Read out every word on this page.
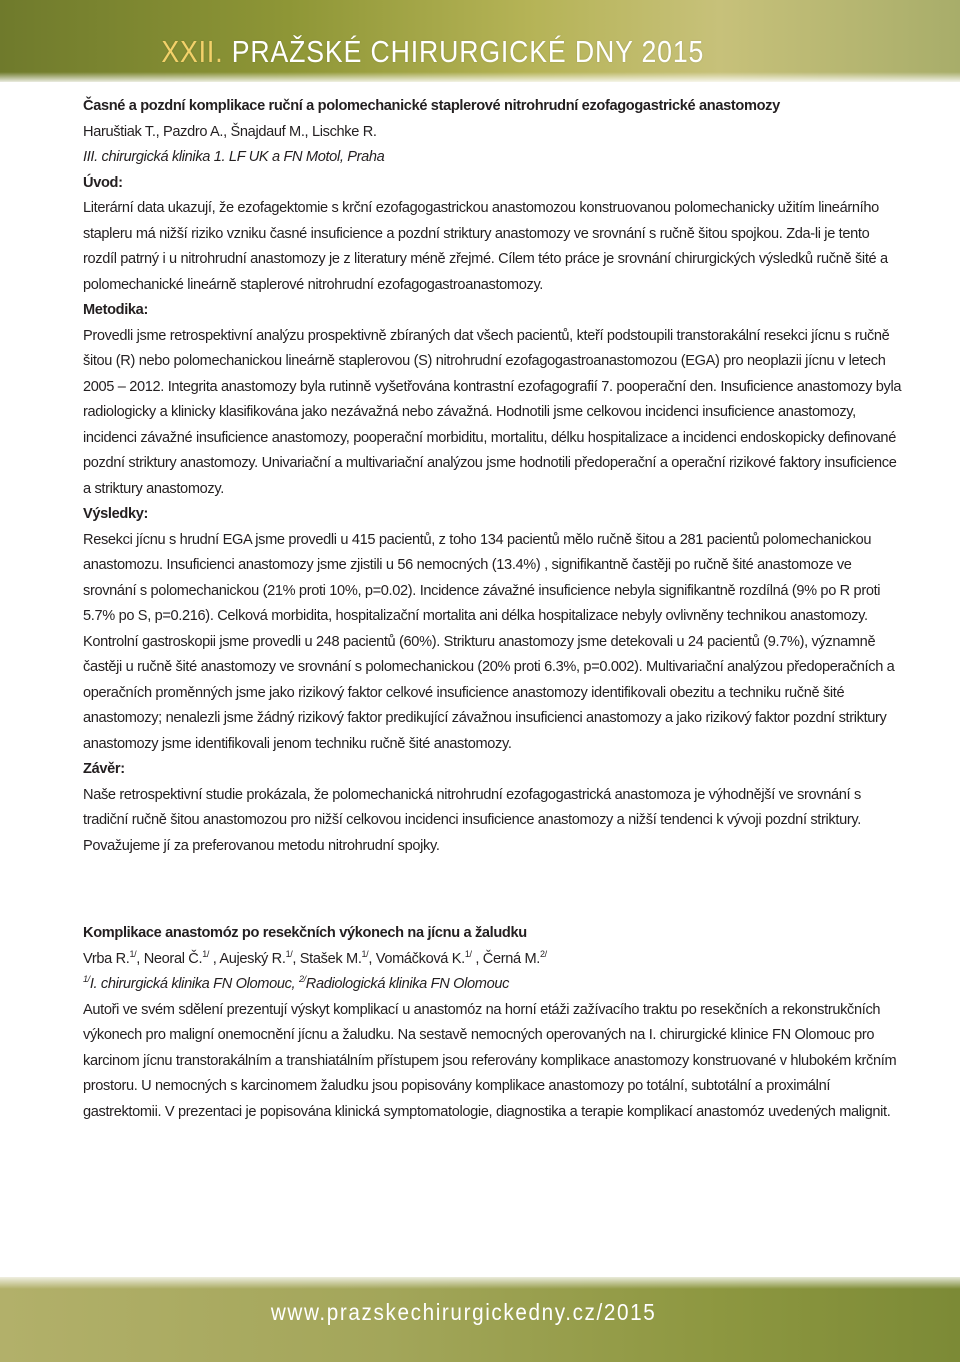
XXII. PRAŽSKÉ CHIRURGICKÉ DNY 2015

Časné a pozdní komplikace ruční a polomechanické staplerové nitrohrudní ezofagogastrické anastomozy

Haruštiak T., Pazdro A., Šnajdauf M., Lischke R.

III. chirurgická klinika 1. LF UK a FN Motol, Praha

Úvod:

Literární data ukazují, že ezofagektomie s krční ezofagogastrickou anastomozou konstruovanou polomechanicky užitím lineárního stapleru má nižší riziko vzniku časné insuficience a pozdní striktury anastomozy ve srovnání s ručně šitou spojkou. Zda-li je tento rozdíl patrný i u nitrohrudní anastomozy je z literatury méně zřejmé. Cílem této práce je srovnání chirurgických výsledků ručně šité a polomechanické lineárně staplerové nitrohrudní ezofagogastroanastomozy.

Metodika:

Provedli jsme retrospektivní analýzu prospektivně zbíraných dat všech pacientů, kteří podstoupili transtorakální resekci jícnu s ručně šitou (R) nebo polomechanickou lineárně staplerovou (S) nitrohrudní ezofagogastroanastomozou (EGA) pro neoplazii jícnu v letech 2005 – 2012. Integrita anastomozy byla rutinně vyšetřována kontrastní ezofagografií 7. pooperační den. Insuficience anastomozy byla radiologicky a klinicky klasifikována jako nezávažná nebo závažná. Hodnotili jsme celkovou incidenci insuficience anastomozy, incidenci závažné insuficience anastomozy, pooperační morbiditu, mortalitu, délku hospitalizace a incidenci endoskopicky definované pozdní striktury anastomozy. Univariační a multivariační analýzou jsme hodnotili předoperační a operační rizikové faktory insuficience a striktury anastomozy.

Výsledky:

Resekci jícnu s hrudní EGA jsme provedli u 415 pacientů, z toho 134 pacientů mělo ručně šitou a 281 pacientů polomechanickou anastomozu. Insuficienci anastomozy jsme zjistili u 56 nemocných (13.4%) , signifikantně častěji po ručně šité anastomoze ve srovnání s polomechanickou (21% proti 10%, p=0.02). Incidence závažné insuficience nebyla signifikantně rozdílná (9% po R proti 5.7% po S, p=0.216). Celková morbidita, hospitalizační mortalita ani délka hospitalizace nebyly ovlivněny technikou anastomozy. Kontrolní gastroskopii jsme provedli u 248 pacientů (60%). Strikturu anastomozy jsme detekovali u 24 pacientů (9.7%), významně častěji u ručně šité anastomozy ve srovnání s polomechanickou (20% proti 6.3%, p=0.002). Multivariační analýzou předoperačních a operačních proměnných jsme jako rizikový faktor celkové insuficience anastomozy identifikovali obezitu a techniku ručně šité anastomozy; nenalezli jsme žádný rizikový faktor predikující závažnou insuficienci anastomozy a jako rizikový faktor pozdní striktury anastomozy jsme identifikovali jenom techniku ručně šité anastomozy.

Závěr:

Naše retrospektivní studie prokázala, že polomechanická nitrohrudní ezofagogastrická anastomoza je výhodnější ve srovnání s tradiční ručně šitou anastomozou pro nižší celkovou incidenci insuficience anastomozy a nižší tendenci k vývoji pozdní striktury. Považujeme jí za preferovanou metodu nitrohrudní spojky.

Komplikace anastomóz po resekčních výkonech na jícnu a žaludku

Vrba R.$^{1/}$, Neoral Č.$^{1/}$ , Aujeský R.$^{1/}$, Stašek M.$^{1/}$, Vomáčková K.$^{1/}$ , Černá M.$^{2/}$

$^{1/}$I. chirurgická klinika FN Olomouc, $^{2/}$Radiologická klinika FN Olomouc

Autoři ve svém sdělení prezentují výskyt komplikací u anastomóz na horní etáži zažívacího traktu po resekčních a rekonstrukčních výkonech pro maligní onemocnění jícnu a žaludku. Na sestavě nemocných operovaných na I. chirurgické klinice FN Olomouc pro karcinom jícnu transtorakálním a transhiatálním přístupem jsou referovány komplikace anastomozy konstruované v hlubokém krčním prostoru. U nemocných s karcinomem žaludku jsou popisovány komplikace anastomozy po totální, subtotální a proximální gastrektomii. V prezentaci je popisována klinická symptomatologie, diagnostika a terapie komplikací anastomóz uvedených malignit.

www.prazskechirurgickedny.cz/2015
